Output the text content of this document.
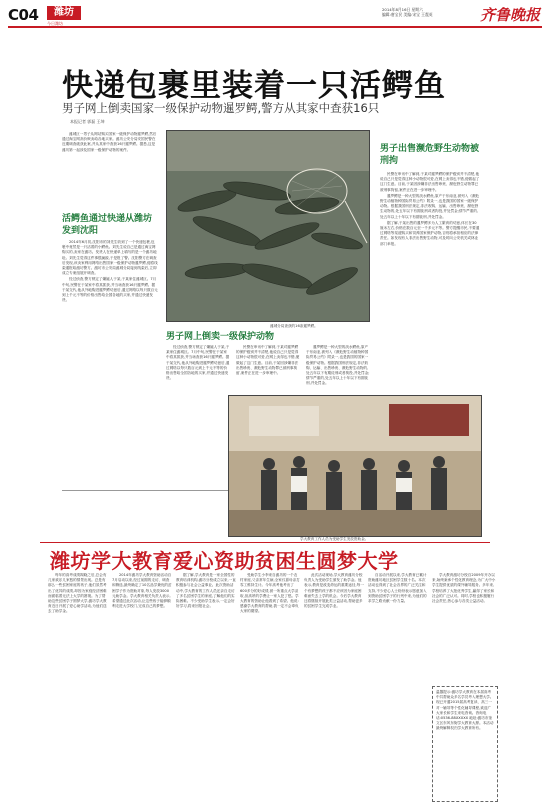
C04	潍坊
今日潍坊
2014年8月16日 星期六
编辑:唐宝民 美编:宋宝 王震英	齐鲁晚报
快递包裹里装着一只活鳄鱼
男子网上倒卖国家一级保护动物暹罗鳄,警方从其家中查获16只
本报记者 郭磊 王坤

潍城区一男子从网站购买国家一级保护动物暹罗鳄,然后通过淘宝网高价贩卖给各地买家。潍坊公安分局安国民警在近期调查破获此案,并从其家中查获16只暹罗鳄。据悉,这是潍坊第一起涉及国家一级保护动物的案件。

活鳄鱼通过快递从潍坊发到沈阳

2014年6月初,沈阳市的刘先生收到了一个快递包裹,包裹中竟然是一只活着的小鳄鱼。刘先生说自己是通过淘宝网购买的,卖家在潍坊。发货人在快递单上填写的是一个潍坊地址。刘先生觉得这件事很蹊跷,于是报了警。沈阳警方在调查后发现,该卖家利用网络出售国家一级保护动物暹罗鳄,便将线索通报给潍坊警方。潍坊市公安局潍城分局接到线索后,立即成立专案组展开调查。

经过侦查,警方锁定了嫌疑人于某,于某家住潍城区。7月中旬,民警在于某家中将其抓获,并当场查获16只暹罗鳄。据于某交代,他从外地购进暹罗鳄幼崽后,通过网络以每只数百元到上千元不等的价格出售给全国各地的买家,并通过快递发货。

潍城分局查获的16条暹罗鳄。
男子出售濒危野生动物被刑拘

民警在审讯中了解到,于某对暹罗鳄的保护级别并不清楚,他说自己只是觉得这种小动物很可爱,在网上卖得也不错,便做起了这门生意。目前,于某因涉嫌非法出售珍贵、濒危野生动物罪已被刑事拘留,案件正在进一步审理中。

暹罗鳄是一种大型的淡水鳄鱼,原产于东南亚,被列入《濒危野生动植物种国际贸易公约》附录一,也是我国的国家一级保护动物。根据我国刑法规定,非法收购、运输、出售珍贵、濒危野生动物的,处五年以下有期徒刑或者拘役,并处罚金;情节严重的,处五年以上十年以下有期徒刑,并处罚金。

据了解,于某出售的暹罗鳄多为人工繁育的幼崽,体长在30厘米左右,价格在数百元至一千多元不等。警方提醒市民,不要通过网络等渠道购买和饲养国家保护动物,否则将承担相应的法律责任。如发现有人非法出售野生动物,可及时向公安机关或林业部门举报。

男子网上倒卖一级保护动物

经过侦查,警方锁定了嫌疑人于某,于某家住潍城区。7月中旬,民警在于某家中将其抓获,并当场查获16只暹罗鳄。据于某交代,他从外地购进暹罗鳄幼崽后,通过网络以每只数百元到上千元不等的价格出售给全国各地的买家,并通过快递发货。

民警在审讯中了解到,于某对暹罗鳄的保护级别并不清楚,他说自己只是觉得这种小动物很可爱,在网上卖得也不错,便做起了这门生意。目前,于某因涉嫌非法出售珍贵、濒危野生动物罪已被刑事拘留,案件正在进一步审理中。

暹罗鳄是一种大型的淡水鳄鱼,原产于东南亚,被列入《濒危野生动植物种国际贸易公约》附录一,也是我国的国家一级保护动物。根据我国刑法规定,非法收购、运输、出售珍贵、濒危野生动物的,处五年以下有期徒刑或者拘役,并处罚金;情节严重的,处五年以上十年以下有期徒刑,并处罚金。

学大教育工作人员为受助学生发放资助金。
潍坊学大教育爱心资助贫困生圆梦大学

每年的高考成绩揭晓之后,总会有几家欢乐几家愁的情景出现。总是有那么一些贫困家庭的孩子,他们虽然考出了优异的成绩,却因为家庭经济困难而面临着无法上大学的窘境。为了帮助这些贫困学子圆梦大学,潍坊学大教育近日开展了爱心助学活动,为他们送去了助学金。

2014年潍坊学大教育资助活动自7月启动以来,经过前期的走访、调查和筛选,最终确定了10名品学兼优的贫困学子作为资助对象,每人发放3000元助学金。学大教育相关负责人表示,希望通过此次活动,让这些孩子能够顺利走进大学校门,完成自己的梦想。

据了解,学大教育是一家全国性的教育培训机构,潍坊分校成立以来,一直积极参与社会公益事业。此次资助活动中,学大教育的工作人员还亲自走访了多名贫困学生的家庭,了解他们的实际困难。不少受助学生表示,一定会好好学习,将来回报社会。

受助学生小李来自潍坊的一个农村家庭,父亲常年生病,全家仅靠母亲打零工维持生计。今年高考他考出了600多分的好成绩,被一所重点大学录取,但高昂的学费让一家人犯了愁。学大教育的资助让他看到了希望。他说:感谢学大教育的帮助,我一定不会辜负大家的期望。

此次活动现场,学大教育潍坊分校负责人为受助学生颁发了助学金。他表示,教育是改变命运的重要途径,每一个有梦想的孩子都不应该因为家庭困难而失去上学的机会。今后学大教育还将继续开展此类公益活动,帮助更多的贫困学生完成学业。

自活动开展以来,学大教育已累计资助潍坊地区贫困学生数十名。本次活动也得到了社会各界的广泛关注和支持,不少爱心人士纷纷表示愿意加入到资助贫困学子的行列中来,为他们的求学之路贡献一份力量。

学大教育潍坊分校自2009年开办以来,始终秉承个性化教育理念,为广大中小学生提供优质的课外辅导服务。多年来,学校培养了大批优秀学生,赢得了家长和社会的广泛认可。同时,学校也积极履行社会责任,热心参与各类公益活动。

温馨提示:潍坊学大教育在本届高考中共帮助众多名学员考入理想大学。现已开通2015届高考复读、高三一对一辅导等个性化辅导课程,欢迎广大家长和学生来电咨询。咨询电话:0536-88XXXXX 地址:潍坊市奎文区东风东街学大教育大厦。本活动最终解释权归学大教育所有。
